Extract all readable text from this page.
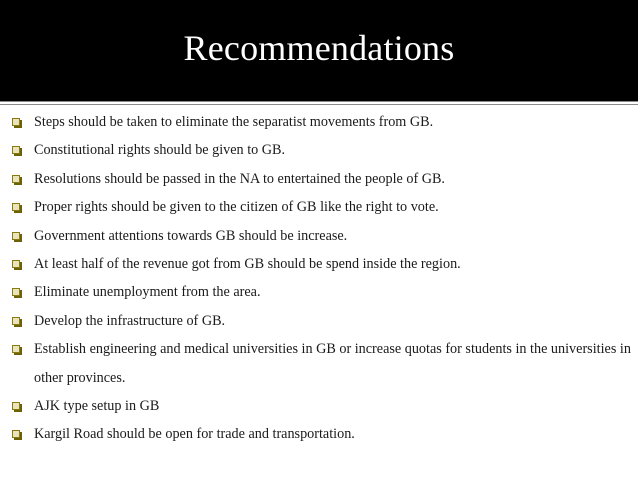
Recommendations
Steps should be taken to eliminate the separatist movements from GB.
Constitutional rights should be given to GB.
Resolutions should be passed in the NA to entertained the people of GB.
Proper rights should be given to the citizen of GB like the right to vote.
Government attentions towards GB should be increase.
At least half of the revenue got from GB should be spend inside the region.
Eliminate unemployment from the area.
Develop the infrastructure of GB.
Establish engineering and medical universities in GB or increase quotas for students in the universities in other provinces.
AJK type setup in GB
Kargil Road should be open for trade and transportation.
